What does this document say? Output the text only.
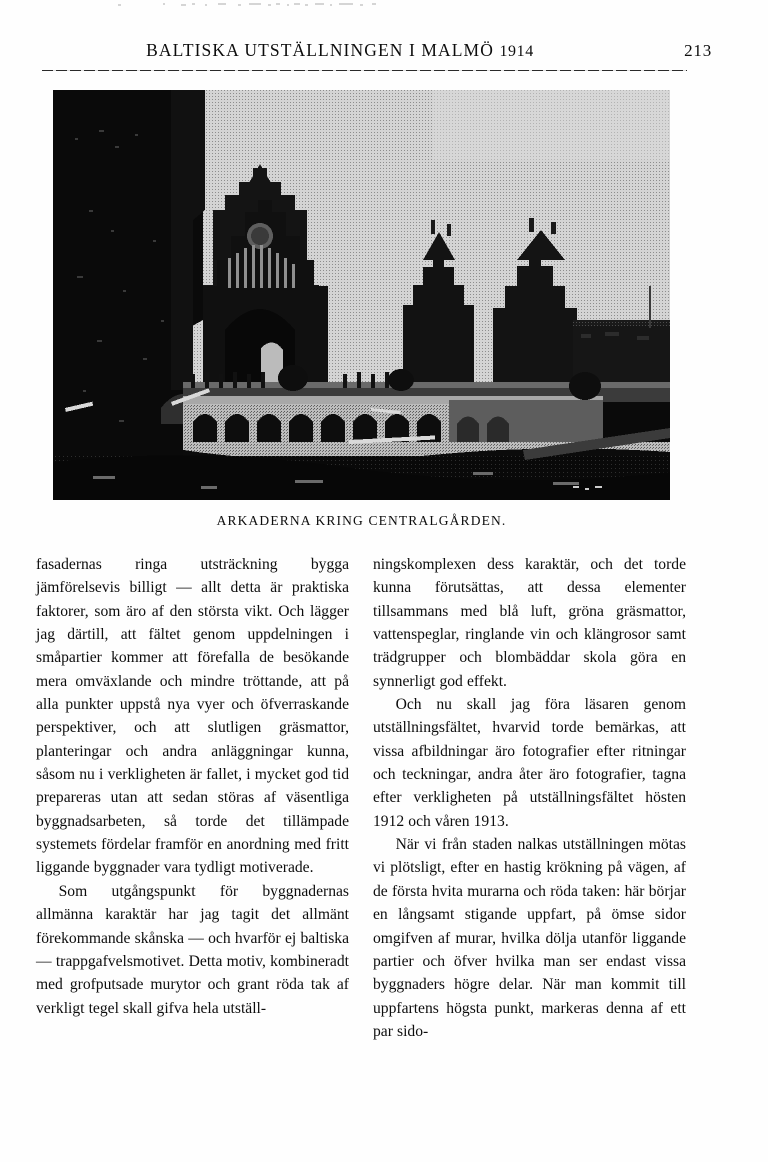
BALTISKA UTSTÄLLNINGEN I MALMÖ 1914	213
ARKADERNA KRING CENTRALGÅRDEN.

fasadernas ringa utsträckning bygga jämförelsevis billigt — allt detta är praktiska faktorer, som äro af den största vikt. Och lägger jag därtill, att fältet genom uppdelningen i småpartier kommer att förefalla de besökande mera omväxlande och mindre tröttande, att på alla punkter uppstå nya vyer och öfverraskande perspektiver, och att slutligen gräsmattor, planteringar och andra anläggningar kunna, såsom nu i verkligheten är fallet, i mycket god tid prepareras utan att sedan störas af väsentliga byggnadsarbeten, så torde det tillämpade systemets fördelar framför en anordning med fritt liggande byggnader vara tydligt motiverade.

Som utgångspunkt för byggnadernas allmänna karaktär har jag tagit det allmänt förekommande skånska — och hvarför ej baltiska — trappgafvelsmotivet. Detta motiv, kombineradt med grofputsade murytor och grant röda tak af verkligt tegel skall gifva hela utställ-

ningskomplexen dess karaktär, och det torde kunna förutsättas, att dessa elementer tillsammans med blå luft, gröna gräsmattor, vattenspeglar, ringlande vin och klängrosor samt trädgrupper och blombäddar skola göra en synnerligt god effekt.

Och nu skall jag föra läsaren genom utställningsfältet, hvarvid torde bemärkas, att vissa afbildningar äro fotografier efter ritningar och teckningar, andra åter äro fotografier, tagna efter verkligheten på utställningsfältet hösten 1912 och våren 1913.

När vi från staden nalkas utställningen mötas vi plötsligt, efter en hastig krökning på vägen, af de första hvita murarna och röda taken: här börjar en långsamt stigande uppfart, på ömse sidor omgifven af murar, hvilka dölja utanför liggande partier och öfver hvilka man ser endast vissa byggnaders högre delar. När man kommit till uppfartens högsta punkt, markeras denna af ett par sido-
